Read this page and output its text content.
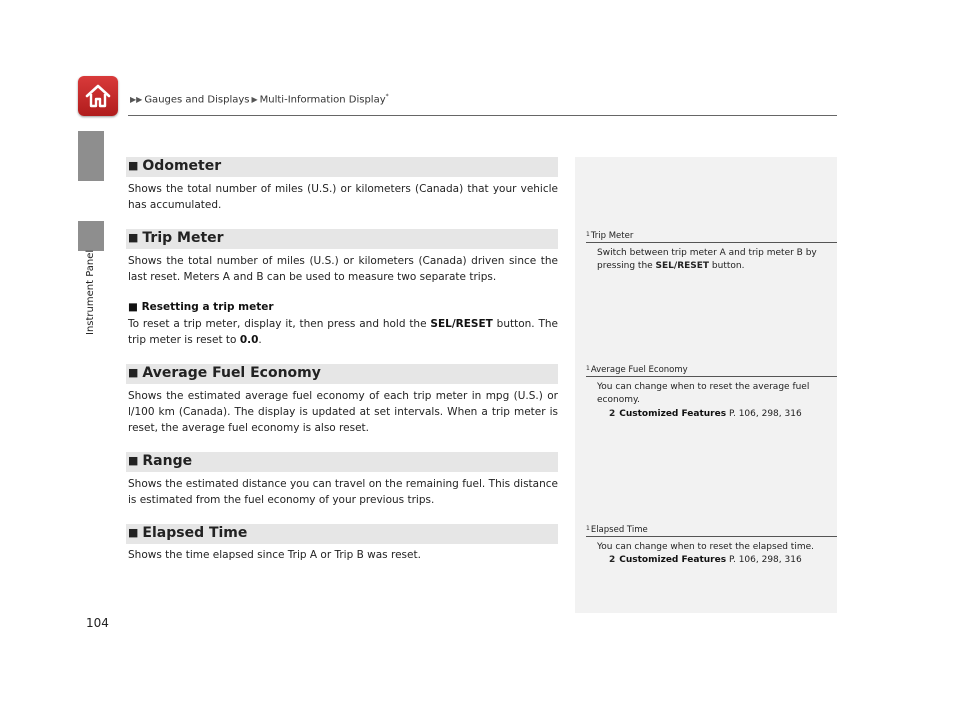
▶▶ Gauges and Displays ▶ Multi-Information Display*
Instrument Panel
■ Odometer
Shows the total number of miles (U.S.) or kilometers (Canada) that your vehicle has accumulated.
■ Trip Meter
Shows the total number of miles (U.S.) or kilometers (Canada) driven since the last reset. Meters A and B can be used to measure two separate trips.
■ Resetting a trip meter
To reset a trip meter, display it, then press and hold the SEL/RESET button. The trip meter is reset to 0.0.
■ Average Fuel Economy
Shows the estimated average fuel economy of each trip meter in mpg (U.S.) or l/100 km (Canada). The display is updated at set intervals. When a trip meter is reset, the average fuel economy is also reset.
■ Range
Shows the estimated distance you can travel on the remaining fuel. This distance is estimated from the fuel economy of your previous trips.
■ Elapsed Time
Shows the time elapsed since Trip A or Trip B was reset.
$^1$Trip Meter
Switch between trip meter A and trip meter B by pressing the SEL/RESET button.
$^1$Average Fuel Economy
You can change when to reset the average fuel economy.
2 Customized Features P. 106, 298, 316
$^1$Elapsed Time
You can change when to reset the elapsed time.
2 Customized Features P. 106, 298, 316
104
